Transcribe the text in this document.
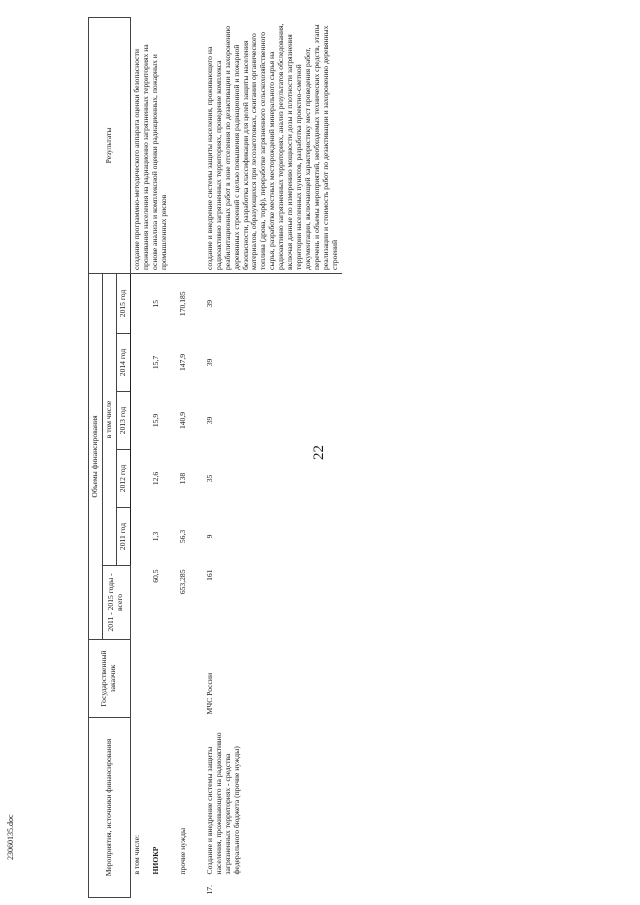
22
23060135.doc	Мероприятия, источники финансирования		Государственный заказчик	Объемы финансирования						Результаты
			2011 - 2015 годы - всего	в том числе					
				2011 год	2012 год	2013 год	2014 год	2015 год	
	в том числе:								создание программно-методического аппарата оценки безопасности проживания населения на радиационно загрязненных территориях на основе анализа и комплексной оценки радиационных, пожарных и промышленных рисков
	НИОКР		60,5	1,3	12,6	15,9	15,7	15	
	прочие нужды		653,285	56,3	138	140,9	147,9	170,185	

17.	Создание и внедрение системы защиты населения, проживающего на радиоактивно загрязненных территориях - средства федерального бюджета (прочие нужды)	МЧС России	161	9	35	39	39	39	создание и внедрение системы защиты населения, проживающего на радиоактивно загрязненных территориях, проведение комплекса реабилитационных работ в зоне отселения по дезактивации и захоронению деревянных строений с целью повышения радиационной и пожарной безопасности, разработка классификации для целей защиты населения материалов, образующихся при лесозаготовках, сжигании органического топлива (дрова, торф), переработке загрязненного сельскохозяйственного сырья, разработке местных месторождений минерального сырья на радиоактивно загрязненных территориях, анализ результатов обследования, включая данные по измерению мощности дозы и плотности загрязнения территории населенных пунктов, разработка проектно-сметной документации, включающей характеристику мест проведения работ, перечень и объемы мероприятий, необходимых технических средств, этапы реализации и стоимость работ по дезактивации и захоронению деревянных строений
